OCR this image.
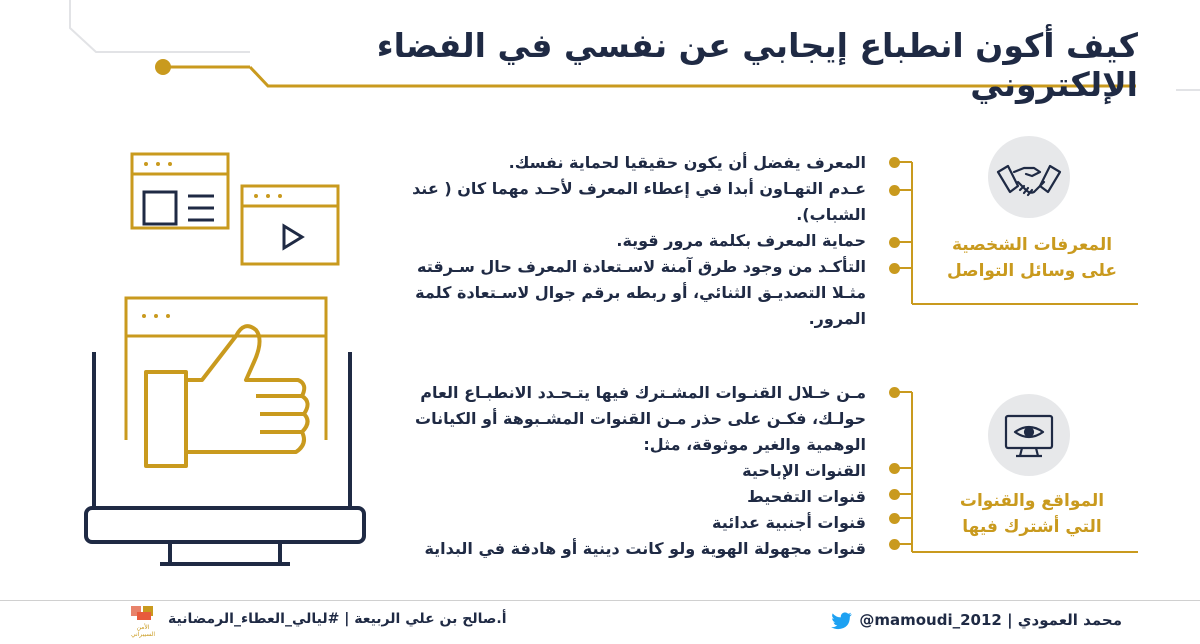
كيف أكون انطباع إيجابي عن نفسي في الفضاء الإلكتروني
المعرفات الشخصية
على وسائل التواصل
المواقع والقنوات
التي أشترك فيها
المعرف يفضل أن يكون حقيقيا لحماية نفسك.
عـدم التهـاون أبدا في إعطاء المعرف لأحـد مهما كان ( عند الشباب).
حماية المعرف بكلمة مرور قوية.
التأكـد من وجود طرق آمنة لاسـتعادة المعرف حال سـرقته مثـلا التصديـق الثنائي، أو ربطه برقم جوال لاسـتعادة كلمة المرور.
مـن خـلال القنـوات المشـترك فيها يتـحـدد الانطبـاع العام حولـك، فكـن على حذر مـن القنوات المشـبوهة أو الكيانات الوهمية والغير موثوقة، مثل:
القنوات الإباحية
قنوات التفحيط
قنوات أجنبية عدائية
قنوات مجهولة الهوية ولو كانت دينية أو هادفة في البداية
الأمن السيبراني
أ.صالح بن علي الربيعة | #ليالي_العطاء_الرمضانية	محمد العمودي | 2012_mamoudi@
